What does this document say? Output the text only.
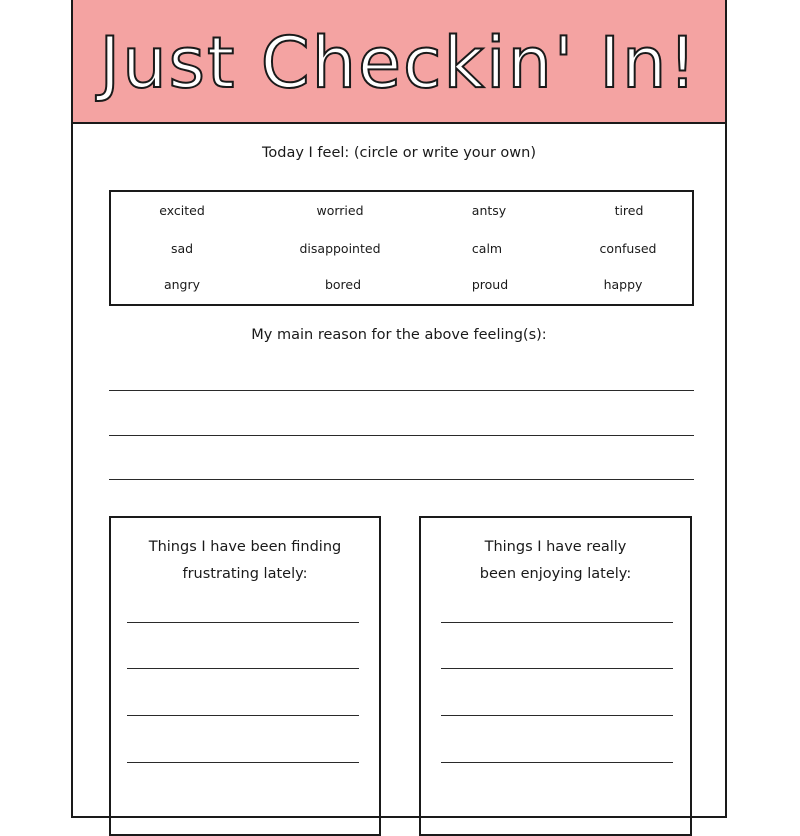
Just Checkin' In!
Today I feel: (circle or write your own)
excited	worried	antsy	tired
sad	disappointed	calm	confused
angry	bored	proud	happy
My main reason for the above feeling(s):
Things I have been finding
frustrating lately:
Things I have really
been enjoying lately:
